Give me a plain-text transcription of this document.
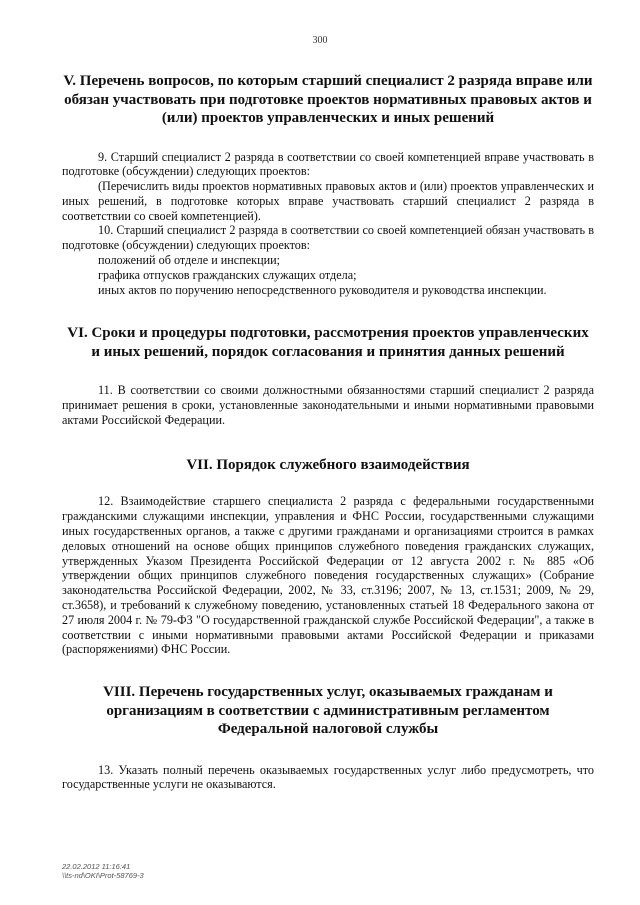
300
V. Перечень вопросов, по которым старший специалист 2 разряда вправе или обязан участвовать при подготовке проектов нормативных правовых актов и (или) проектов управленческих и иных решений

9. Старший специалист 2 разряда в соответствии со своей компетенцией вправе участвовать в подготовке (обсуждении) следующих проектов:

(Перечислить виды проектов нормативных правовых актов и (или) проектов управленческих и иных решений, в подготовке которых вправе участвовать старший специалист 2 разряда в соответствии со своей компетенцией).

10. Старший специалист 2 разряда в соответствии со своей компетенцией обязан участвовать в подготовке (обсуждении) следующих проектов:

положений об отделе и инспекции;

графика отпусков гражданских служащих отдела;

иных актов по поручению непосредственного руководителя и руководства инспекции.

VI. Сроки и процедуры подготовки, рассмотрения проектов управленческих и иных решений, порядок согласования и принятия данных решений

11. В соответствии со своими должностными обязанностями старший специалист 2 разряда принимает решения в сроки, установленные законодательными и иными нормативными правовыми актами Российской Федерации.

VII. Порядок служебного взаимодействия

12. Взаимодействие старшего специалиста 2 разряда с федеральными государственными гражданскими служащими инспекции, управления и ФНС России, государственными служащими иных государственных органов, а также с другими гражданами и организациями строится в рамках деловых отношений на основе общих принципов служебного поведения гражданских служащих, утвержденных Указом Президента Российской Федерации от 12 августа 2002 г. № 885 «Об утверждении общих принципов служебного поведения государственных служащих» (Собрание законодательства Российской Федерации, 2002, № 33, ст.3196; 2007, № 13, ст.1531; 2009, № 29, ст.3658), и требований к служебному поведению, установленных статьей 18 Федерального закона от 27 июля 2004 г. № 79-ФЗ "О государственной гражданской службе Российской Федерации", а также в соответствии с иными нормативными правовыми актами Российской Федерации и приказами (распоряжениями) ФНС России.

VIII. Перечень государственных услуг, оказываемых гражданам и организациям в соответствии с административным регламентом Федеральной налоговой службы

13. Указать полный перечень оказываемых государственных услуг либо предусмотреть, что государственные услуги не оказываются.

22.02.2012 11:16:41
\\ts-nd\OKI\Prot-58769-3
